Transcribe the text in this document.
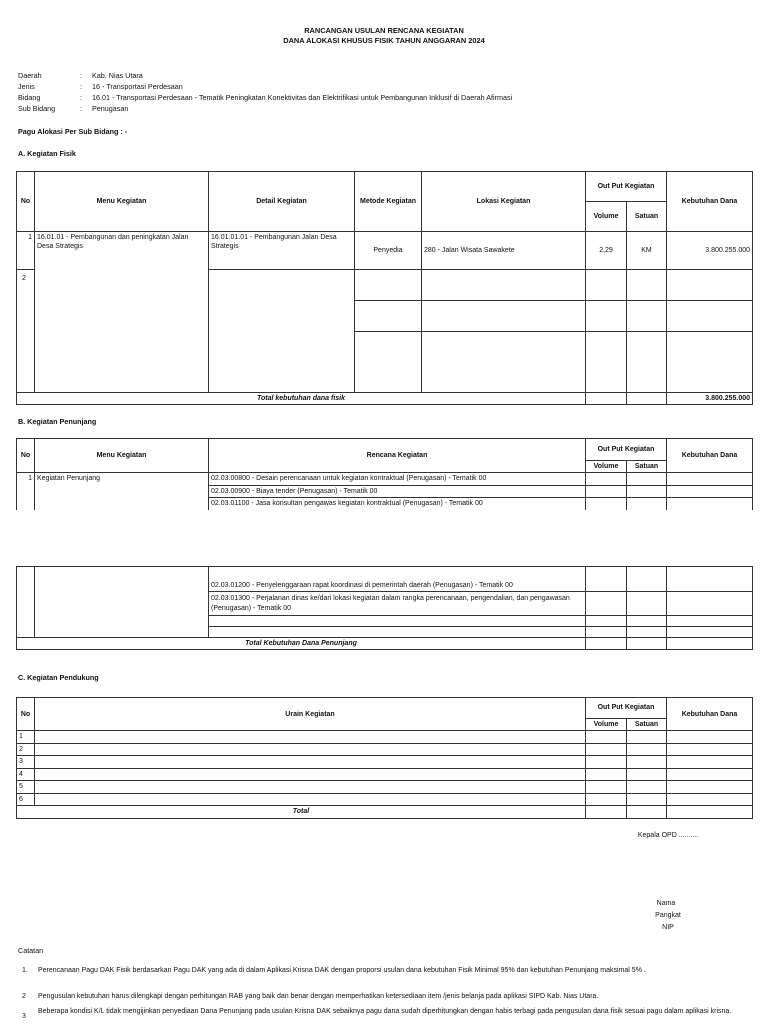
RANCANGAN USULAN RENCANA KEGIATAN
DANA ALOKASI KHUSUS FISIK TAHUN ANGGARAN 2024
Daerah	: Kab. Nias Utara
Jenis	: 16 - Transportasi Perdesaan
Bidang	: 16.01 - Transportasi Perdesaan - Tematik Peningkatan Konektivitas dan Elektrifikasi untuk Pembangunan Inklusif di Daerah Afirmasi
Sub Bidang	: Penugasan
Pagu Alokasi Per Sub Bidang : -
A. Kegiatan Fisik
No	Menu Kegiatan	Detail Kegiatan	Metode Kegiatan	Lokasi Kegiatan	Out Put Kegiatan		Kebutuhan Dana
					Volume	Satuan	
1	16.01.01 - Pembangunan dan peningkatan Jalan Desa Strategis	16.01.01.01 - Pembangunan Jalan Desa Strategis	Penyedia	280 - Jalan Wisata Sawakete	2,29	KM	3.800.255.000
2							

Total kebutuhan dana fisik							3.800.255.000
B. Kegiatan Penunjang
No	Menu Kegiatan	Rencana Kegiatan	Out Put Kegiatan		Kebutuhan Dana
			Volume	Satuan	
1	Kegiatan Penunjang	02.03.00800 - Desain perencanaan untuk kegiatan kontraktual (Penugasan) - Tematik 00			
		02.03.00900 - Biaya tender (Penugasan) - Tematik 00			
		02.03.01100 - Jasa konsultan pengawas kegiatan kontraktual (Penugasan) - Tematik 00			
		02.03.01200 - Penyelenggaraan rapat koordinasi di pemerintah daerah (Penugasan) - Tematik 00			
		02.03.01300 - Perjalanan dinas ke/dari lokasi kegiatan dalam rangka perencanaan, pengendalian, dan pengawasan (Penugasan) - Tematik 00			

Total Kebutuhan Dana Penunjang					
C. Kegiatan Pendukung
No	Urain Kegiatan	Out Put Kegiatan		Kebutuhan Dana
		Volume	Satuan	
1				
2				
3				
4				
5				
6				
Total				
Kepala OPD ..........
Nama
Pangkat
NIP
Catatan
1. Perencanaan Pagu DAK Fisik berdasarkan Pagu DAK yang ada di dalam Aplikasi Krisna DAK dengan proporsi usulan dana kebutuhan Fisik Minimal 95% dan kebutuhan Penunjang maksimal 5% .
2 Pengusulan kebutuhan harus dilengkapi dengan perhitungan RAB yang baik dan benar dengan memperhatikan ketersediaan item /jenis belanja pada aplikasi SIPD Kab. Nias Utara.
3Beberapa kondisi K/L tidak mengijinkan penyediaan Dana Penunjang pada usulan Krisna DAK sebaiknya pagu dana sudah diperhitungkan dengan habis terbagi pada pengusulan dana fisik sesuai pagu dalam aplikasi krisna.
